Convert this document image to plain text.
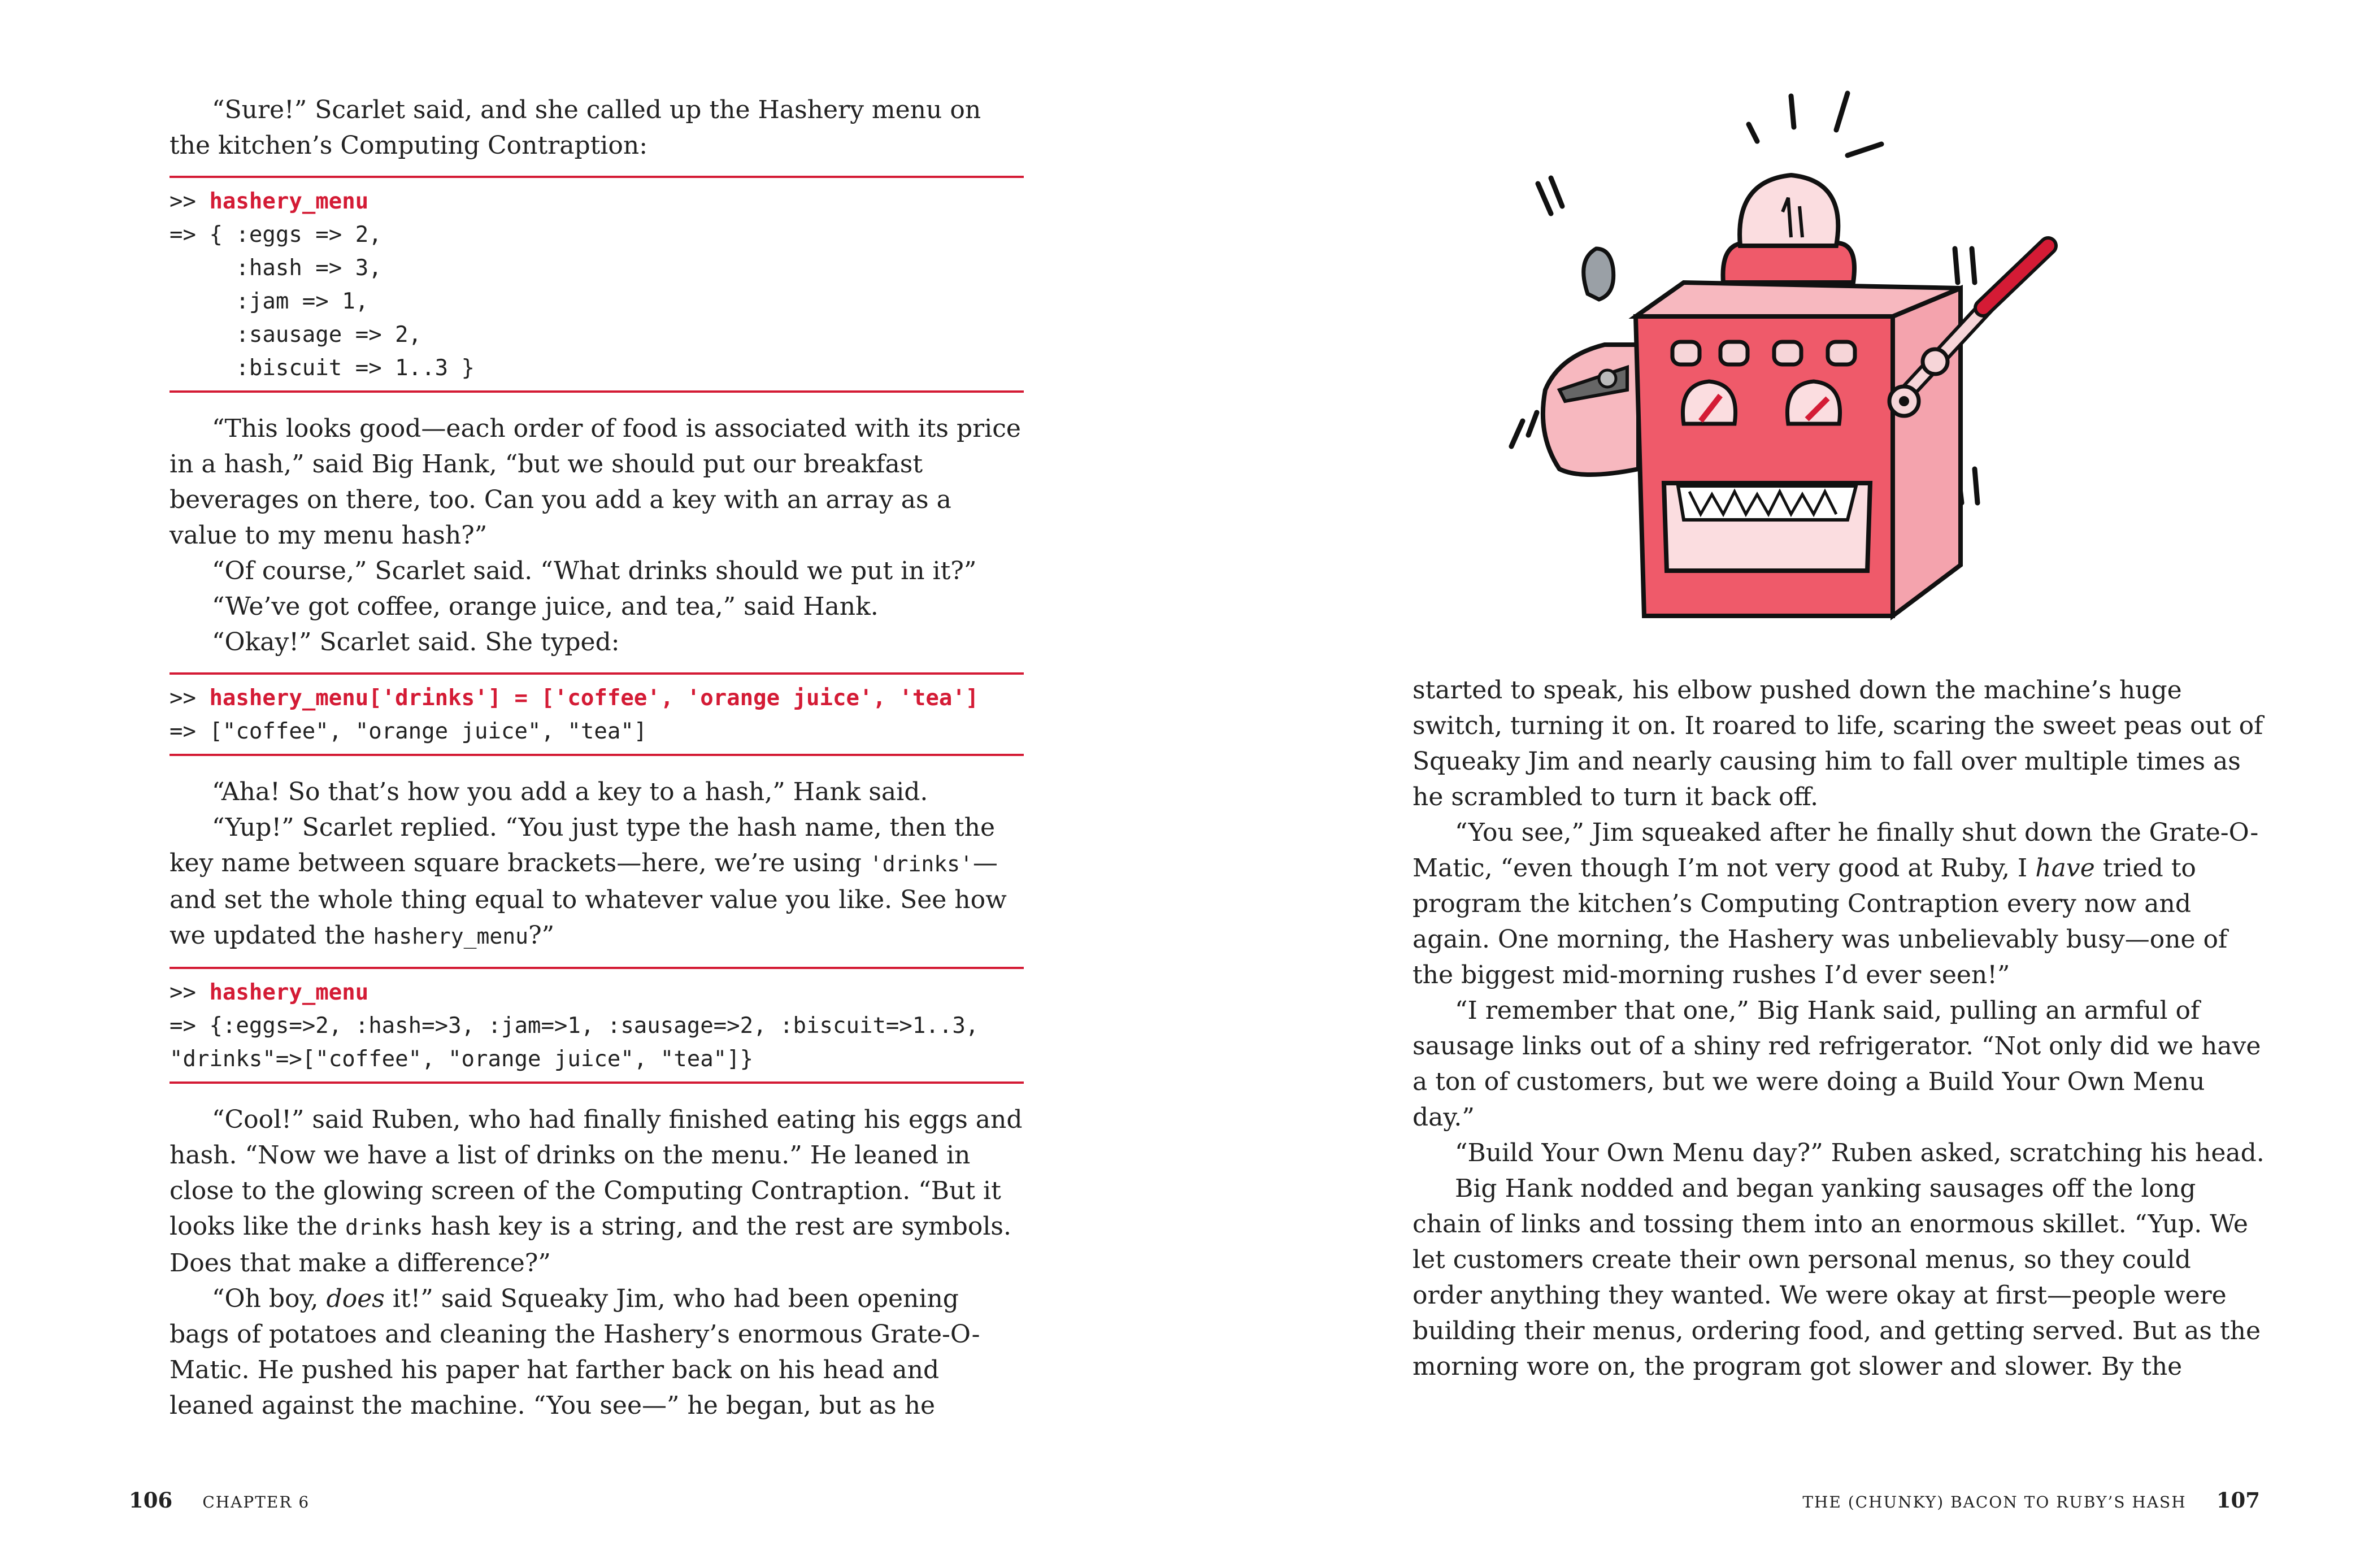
“Sure!” Scarlet said, and she called up the Hashery menu on the kitchen’s Computing Contraption:

>> hashery_menu
=> { :eggs => 2,
:hash => 3,
:jam => 1,
:sausage => 2,
:biscuit => 1..3 }

“This looks good—each order of food is associated with its price in a hash,” said Big Hank, “but we should put our breakfast beverages on there, too. Can you add a key with an array as a value to my menu hash?”

“Of course,” Scarlet said. “What drinks should we put in it?”

“We’ve got coffee, orange juice, and tea,” said Hank.

“Okay!” Scarlet said. She typed:

>> hashery_menu['drinks'] = ['coffee', 'orange juice', 'tea']
=> ["coffee", "orange juice", "tea"]

“Aha! So that’s how you add a key to a hash,” Hank said.

“Yup!” Scarlet replied. “You just type the hash name, then the key name between square brackets—here, we’re using 'drinks'—and set the whole thing equal to whatever value you like. See how we updated the hashery_menu?”

>> hashery_menu
=> {:eggs=>2, :hash=>3, :jam=>1, :sausage=>2, :biscuit=>1..3,
"drinks"=>["coffee", "orange juice", "tea"]}

“Cool!” said Ruben, who had finally finished eating his eggs and hash. “Now we have a list of drinks on the menu.” He leaned in close to the glowing screen of the Computing Contraption. “But it looks like the drinks hash key is a string, and the rest are symbols. Does that make a difference?”

“Oh boy, does it!” said Squeaky Jim, who had been opening bags of potatoes and cleaning the Hashery’s enormous Grate-O-Matic. He pushed his paper hat farther back on his head and leaned against the machine. “You see—” he began, but as he

106 CHAPTER 6

started to speak, his elbow pushed down the machine’s huge switch, turning it on. It roared to life, scaring the sweet peas out of Squeaky Jim and nearly causing him to fall over multiple times as he scrambled to turn it back off.

“You see,” Jim squeaked after he finally shut down the Grate-O-Matic, “even though I’m not very good at Ruby, I have tried to program the kitchen’s Computing Contraption every now and again. One morning, the Hashery was unbelievably busy—one of the biggest mid-morning rushes I’d ever seen!”

“I remember that one,” Big Hank said, pulling an armful of sausage links out of a shiny red refrigerator. “Not only did we have a ton of customers, but we were doing a Build Your Own Menu day.”

“Build Your Own Menu day?” Ruben asked, scratching his head.

Big Hank nodded and began yanking sausages off the long chain of links and tossing them into an enormous skillet. “Yup. We let customers create their own personal menus, so they could order anything they wanted. We were okay at first—people were building their menus, ordering food, and getting served. But as the morning wore on, the program got slower and slower. By the

THE (CHUNKY) BACON TO RUBY’S HASH 107
